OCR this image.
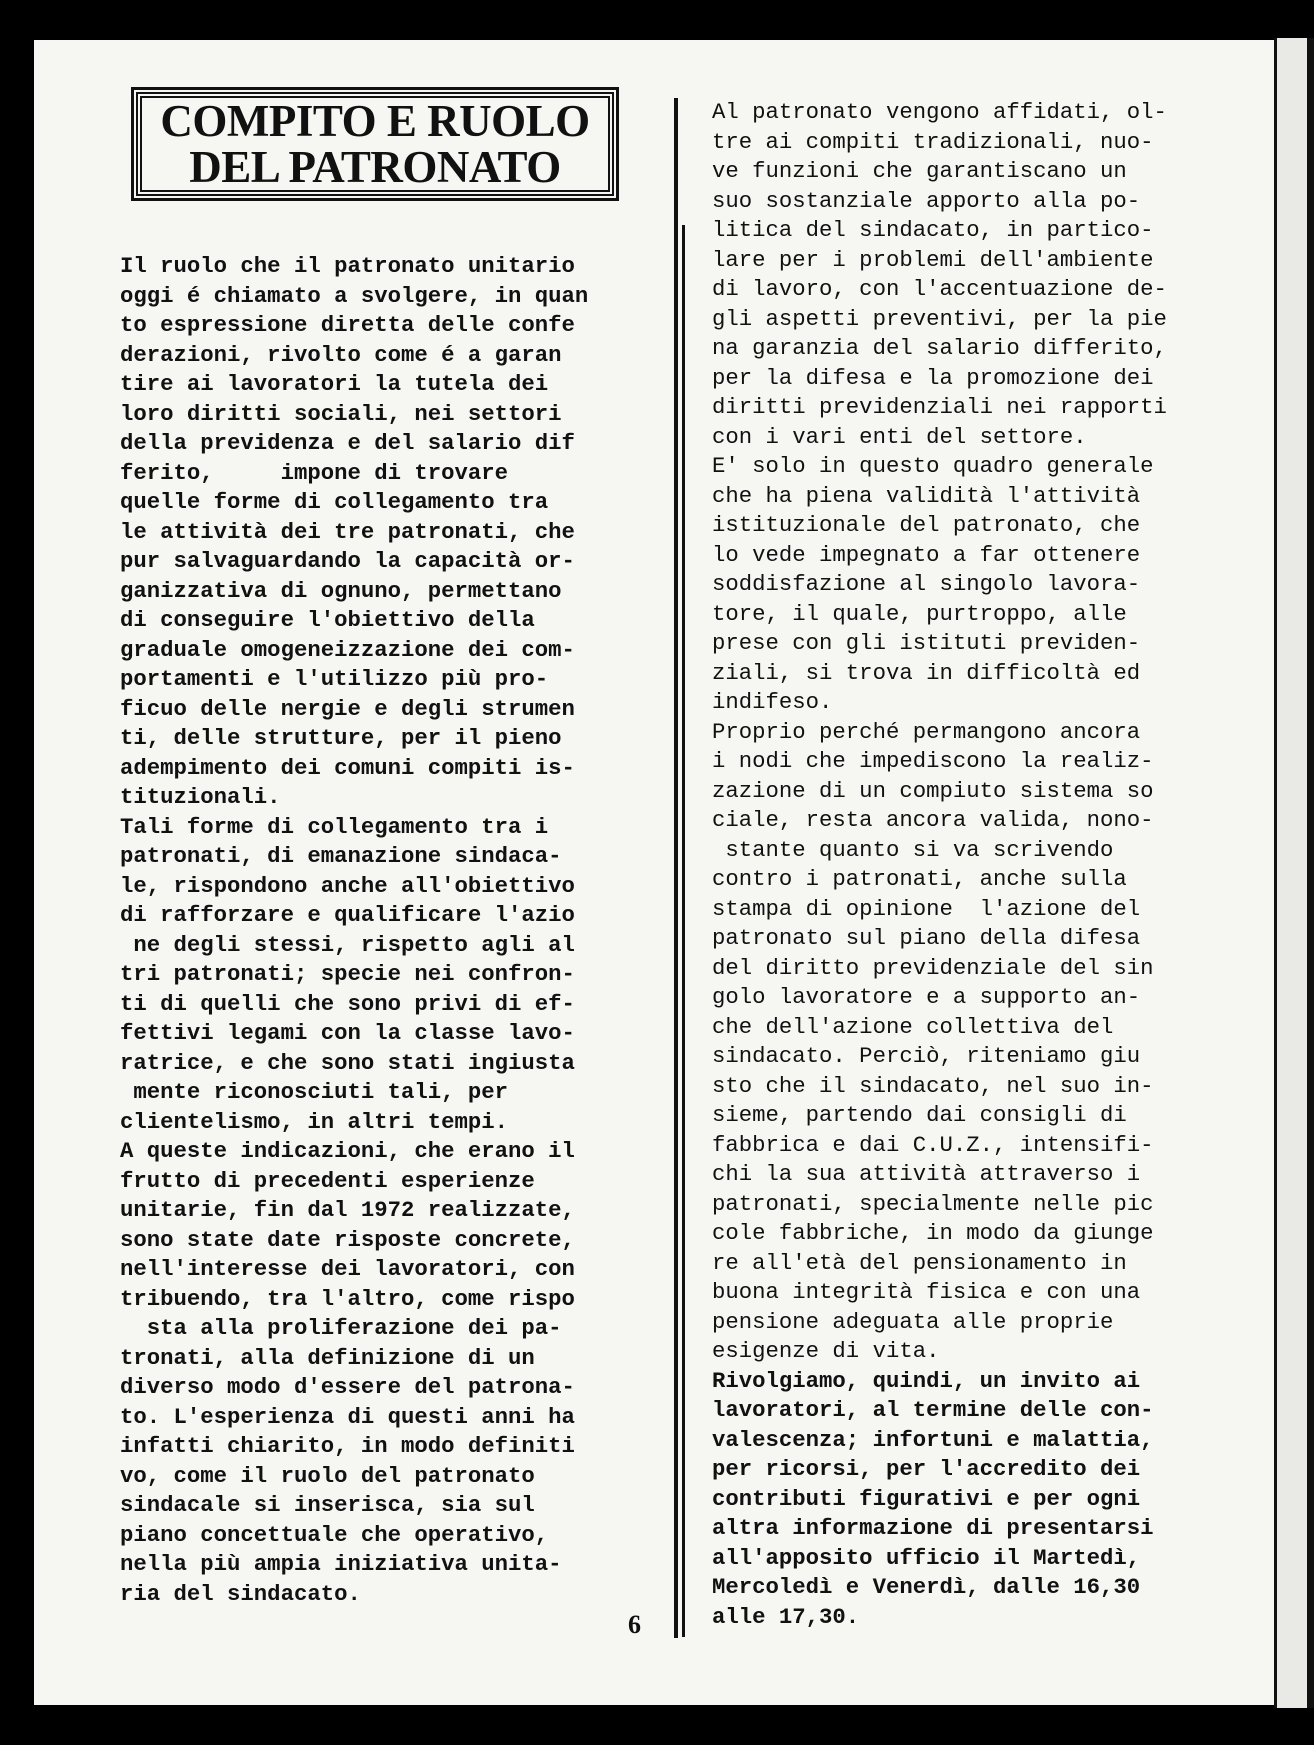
COMPITO E RUOLO
DEL PATRONATO
Il ruolo che il patronato unitario
oggi é chiamato a svolgere, in quan
to espressione diretta delle confe
derazioni, rivolto come é a garan
tire ai lavoratori la tutela dei
loro diritti sociali, nei settori
della previdenza e del salario dif
ferito,     impone di trovare
quelle forme di collegamento tra
le attività dei tre patronati, che
pur salvaguardando la capacità or-
ganizzativa di ognuno, permettano
di conseguire l'obiettivo della
graduale omogeneizzazione dei com-
portamenti e l'utilizzo più pro-
ficuo delle nergie e degli strumen
ti, delle strutture, per il pieno
adempimento dei comuni compiti is-
tituzionali.
Tali forme di collegamento tra i
patronati, di emanazione sindaca-
le, rispondono anche all'obiettivo
di rafforzare e qualificare l'azio
ne degli stessi, rispetto agli al
tri patronati; specie nei confron-
ti di quelli che sono privi di ef-
fettivi legami con la classe lavo-
ratrice, e che sono stati ingiusta
mente riconosciuti tali, per
clientelismo, in altri tempi.
A queste indicazioni, che erano il
frutto di precedenti esperienze
unitarie, fin dal 1972 realizzate,
sono state date risposte concrete,
nell'interesse dei lavoratori, con
tribuendo, tra l'altro, come rispo
sta alla proliferazione dei pa-
tronati, alla definizione di un
diverso modo d'essere del patrona-
to. L'esperienza di questi anni ha
infatti chiarito, in modo definiti
vo, come il ruolo del patronato
sindacale si inserisca, sia sul
piano concettuale che operativo,
nella più ampia iniziativa unita-
ria del sindacato.
Al patronato vengono affidati, ol-
tre ai compiti tradizionali, nuo-
ve funzioni che garantiscano un
suo sostanziale apporto alla po-
litica del sindacato, in partico-
lare per i problemi dell'ambiente
di lavoro, con l'accentuazione de-
gli aspetti preventivi, per la pie
na garanzia del salario differito,
per la difesa e la promozione dei
diritti previdenziali nei rapporti
con i vari enti del settore.
E' solo in questo quadro generale
che ha piena validità l'attività
istituzionale del patronato, che
lo vede impegnato a far ottenere
soddisfazione al singolo lavora-
tore, il quale, purtroppo, alle
prese con gli istituti previden-
ziali, si trova in difficoltà ed
indifeso.
Proprio perché permangono ancora
i nodi che impediscono la realiz-
zazione di un compiuto sistema so
ciale, resta ancora valida, nono-
stante quanto si va scrivendo
contro i patronati, anche sulla
stampa di opinione  l'azione del
patronato sul piano della difesa
del diritto previdenziale del sin
golo lavoratore e a supporto an-
che dell'azione collettiva del
sindacato. Perciò, riteniamo giu
sto che il sindacato, nel suo in-
sieme, partendo dai consigli di
fabbrica e dai C.U.Z., intensifi-
chi la sua attività attraverso i
patronati, specialmente nelle pic
cole fabbriche, in modo da giunge
re all'età del pensionamento in
buona integrità fisica e con una
pensione adeguata alle proprie
esigenze di vita.
Rivolgiamo, quindi, un invito ai
lavoratori, al termine delle con-
valescenza; infortuni e malattia,
per ricorsi, per l'accredito dei
contributi figurativi e per ogni
altra informazione di presentarsi
all'apposito ufficio il Martedì,
Mercoledì e Venerdì, dalle 16,30
alle 17,30.
6
